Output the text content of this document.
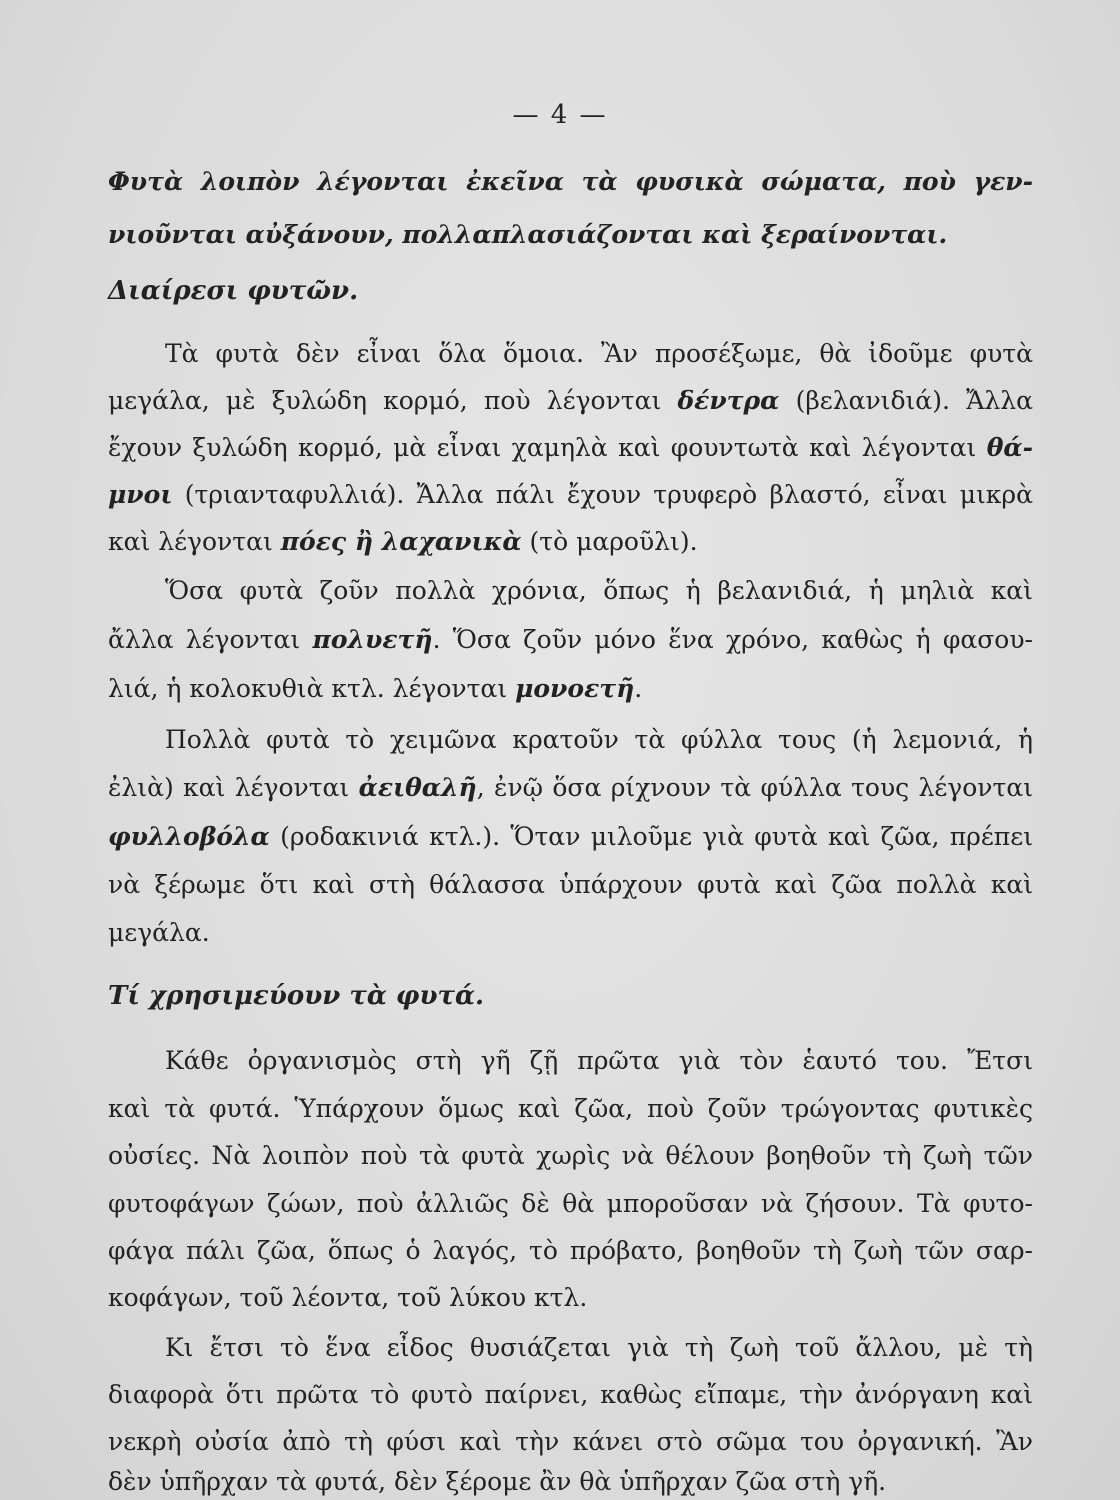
— 4 —
Φυτὰ λοιπὸν λέγονται ἐκεῖνα τὰ φυσικὰ σώματα, ποὺ γεν-
νιοῦνται αὐξάνουν, πολλαπλασιάζονται καὶ ξεραίνονται.
Διαίρεσι φυτῶν.
Τὰ φυτὰ δὲν εἶναι ὅλα ὅμοια. Ἂν προσέξωμε, θὰ ἰδοῦμε φυτὰ
μεγάλα, μὲ ξυλώδη κορμό, ποὺ λέγονται δέντρα (βελανιδιά). Ἄλλα
ἔχουν ξυλώδη κορμό, μὰ εἶναι χαμηλὰ καὶ φουντωτὰ καὶ λέγονται θά-
μνοι (τριανταφυλλιά). Ἄλλα πάλι ἔχουν τρυφερὸ βλαστό, εἶναι μικρὰ
καὶ λέγονται πόες ἢ λαχανικὰ (τὸ μαροῦλι).
Ὅσα φυτὰ ζοῦν πολλὰ χρόνια, ὅπως ἡ βελανιδιά, ἡ μηλιὰ καὶ
ἄλλα λέγονται πολυετῆ. Ὅσα ζοῦν μόνο ἕνα χρόνο, καθὼς ἡ φασου-
λιά, ἡ κολοκυθιὰ κτλ. λέγονται μονοετῆ.
Πολλὰ φυτὰ τὸ χειμῶνα κρατοῦν τὰ φύλλα τους (ἡ λεμονιά, ἡ
ἐλιὰ) καὶ λέγονται ἀειθαλῆ, ἐνῷ ὅσα ρίχνουν τὰ φύλλα τους λέγονται
φυλλοβόλα (ροδακινιά κτλ.). Ὅταν μιλοῦμε γιὰ φυτὰ καὶ ζῶα, πρέπει
νὰ ξέρωμε ὅτι καὶ στὴ θάλασσα ὑπάρχουν φυτὰ καὶ ζῶα πολλὰ καὶ
μεγάλα.
Τί χρησιμεύουν τὰ φυτά.
Κάθε ὀργανισμὸς στὴ γῆ ζῇ πρῶτα γιὰ τὸν ἑαυτό του. Ἔτσι
καὶ τὰ φυτά. Ὑπάρχουν ὅμως καὶ ζῶα, ποὺ ζοῦν τρώγοντας φυτικὲς
οὐσίες. Νὰ λοιπὸν ποὺ τὰ φυτὰ χωρὶς νὰ θέλουν βοηθοῦν τὴ ζωὴ τῶν
φυτοφάγων ζώων, ποὺ ἀλλιῶς δὲ θὰ μποροῦσαν νὰ ζήσουν. Τὰ φυτο-
φάγα πάλι ζῶα, ὅπως ὁ λαγός, τὸ πρόβατο, βοηθοῦν τὴ ζωὴ τῶν σαρ-
κοφάγων, τοῦ λέοντα, τοῦ λύκου κτλ.
Κι ἔτσι τὸ ἕνα εἶδος θυσιάζεται γιὰ τὴ ζωὴ τοῦ ἄλλου, μὲ τὴ
διαφορὰ ὅτι πρῶτα τὸ φυτὸ παίρνει, καθὼς εἴπαμε, τὴν ἀνόργανη καὶ
νεκρὴ οὐσία ἀπὸ τὴ φύσι καὶ τὴν κάνει στὸ σῶμα του ὀργανική. Ἂν
δὲν ὑπῆρχαν τὰ φυτά, δὲν ξέρομε ἂν θὰ ὑπῆρχαν ζῶα στὴ γῆ.
